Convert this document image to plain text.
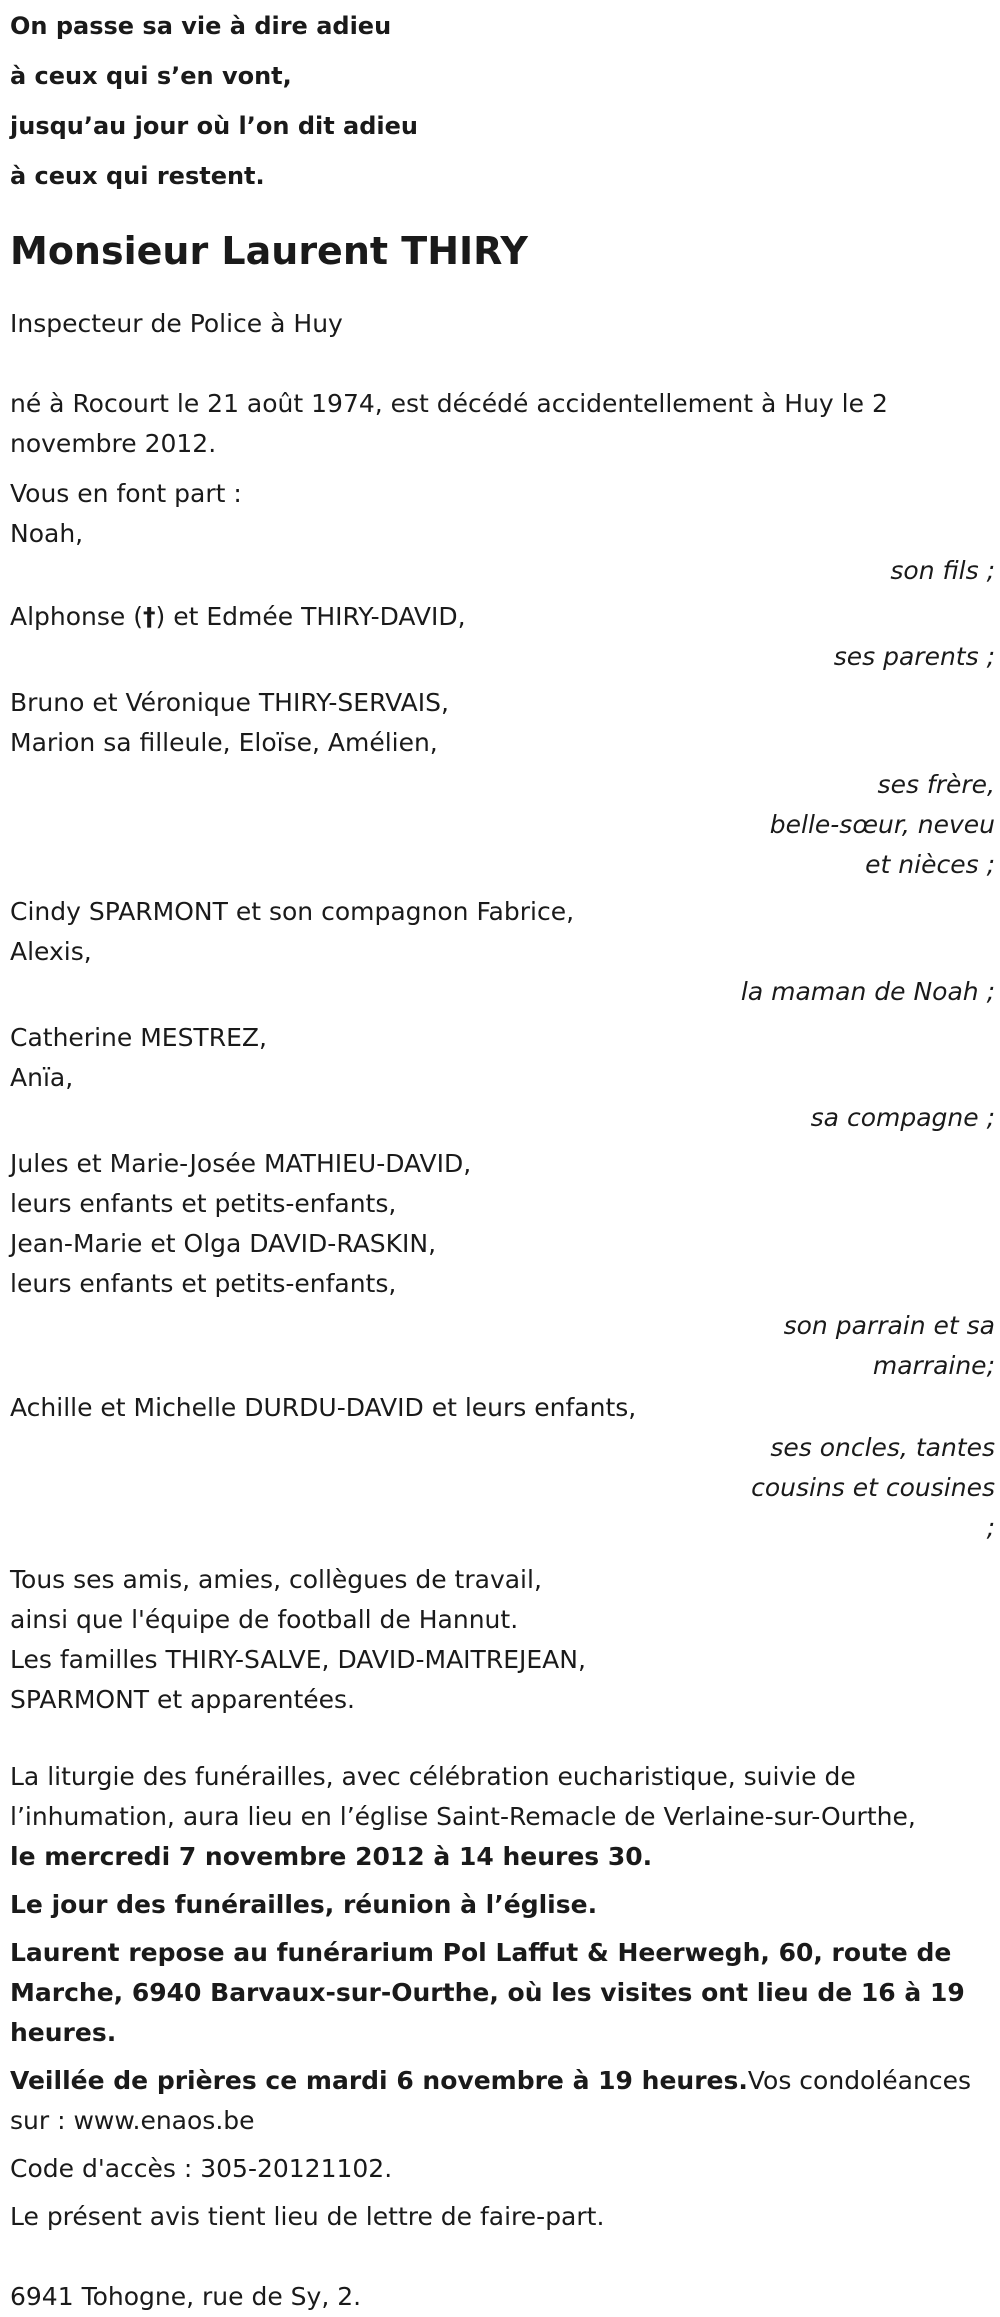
On passe sa vie à dire adieu
à ceux qui s’en vont,
jusqu’au jour où l’on dit adieu
à ceux qui restent.
Monsieur Laurent THIRY
Inspecteur de Police à Huy
né à Rocourt le 21 août 1974, est décédé accidentellement à Huy le 2
novembre 2012.
Vous en font part :
Noah,
son fils ;
Alphonse (†) et Edmée THIRY-DAVID,
ses parents ;
Bruno et Véronique THIRY-SERVAIS,
Marion sa filleule, Eloïse, Amélien,
ses frère,
belle-sœur, neveu
et nièces ;
Cindy SPARMONT et son compagnon Fabrice,
Alexis,
la maman de Noah ;
Catherine MESTREZ,
Anïa,
sa compagne ;
Jules et Marie-Josée MATHIEU-DAVID,
leurs enfants et petits-enfants,
Jean-Marie et Olga DAVID-RASKIN,
leurs enfants et petits-enfants,
son parrain et sa
marraine;
Achille et Michelle DURDU-DAVID et leurs enfants,
ses oncles, tantes
cousins et cousines
;
Tous ses amis, amies, collègues de travail,
ainsi que l'équipe de football de Hannut.
Les familles THIRY-SALVE, DAVID-MAITREJEAN,
SPARMONT et apparentées.
La liturgie des funérailles, avec célébration eucharistique, suivie de
l’inhumation, aura lieu en l’église Saint-Remacle de Verlaine-sur-Ourthe,
le mercredi 7 novembre 2012 à 14 heures 30.
Le jour des funérailles, réunion à l’église.
Laurent repose au funérarium Pol Laffut & Heerwegh, 60, route de
Marche, 6940 Barvaux-sur-Ourthe, où les visites ont lieu de 16 à 19
heures.
Veillée de prières ce mardi 6 novembre à 19 heures.Vos condoléances
sur : www.enaos.be
Code d'accès : 305-20121102.
Le présent avis tient lieu de lettre de faire-part.
6941 Tohogne, rue de Sy, 2.
